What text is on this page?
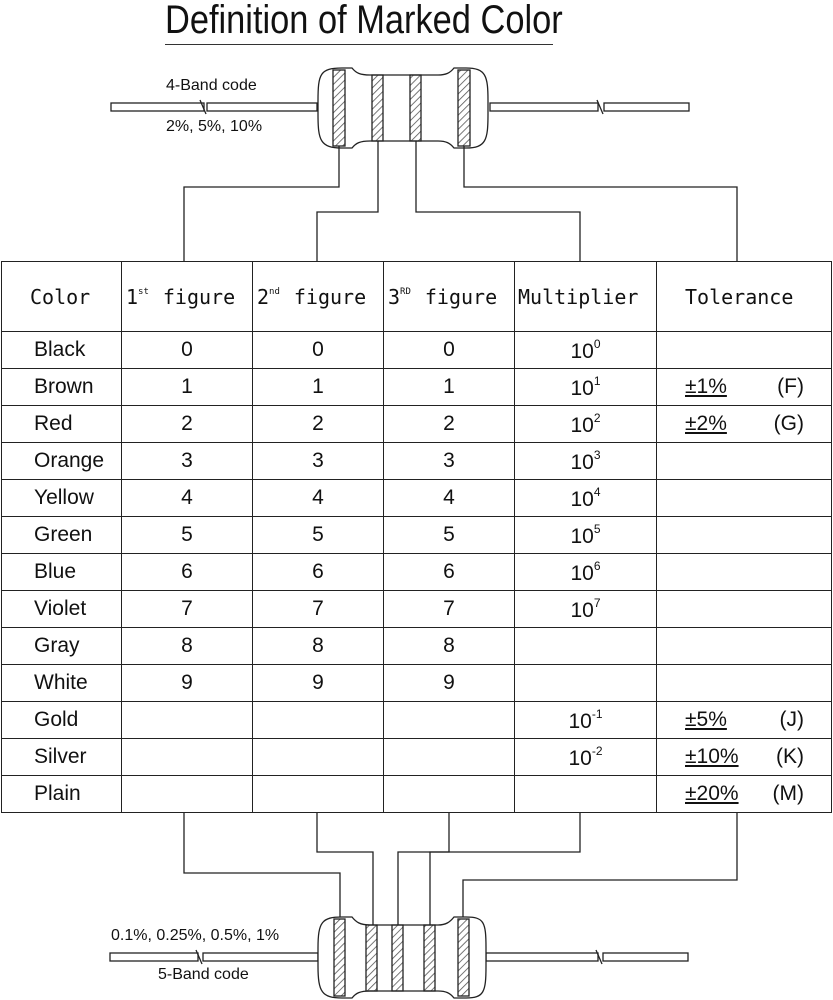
Definition of Marked Color
4-Band code
2%, 5%, 10%
0.1%, 0.25%, 0.5%, 1%
5-Band code
Color	1st figure	2nd figure	3RD figure	Multiplier	Tolerance
Black	0	0	0	$10^0$	

Brown	1	1	1	$10^1$	±1% (F)

Red	2	2	2	$10^2$	±2% (G)

Orange	3	3	3	$10^3$	

Yellow	4	4	4	$10^4$	

Green	5	5	5	$10^5$	

Blue	6	6	6	$10^6$	

Violet	7	7	7	$10^7$	

Gray	8	8	8		

White	9	9	9		

Gold				$10^{-1}$	±5% (J)

Silver				$10^{-2}$	±10% (K)

Plain					±20% (M)
